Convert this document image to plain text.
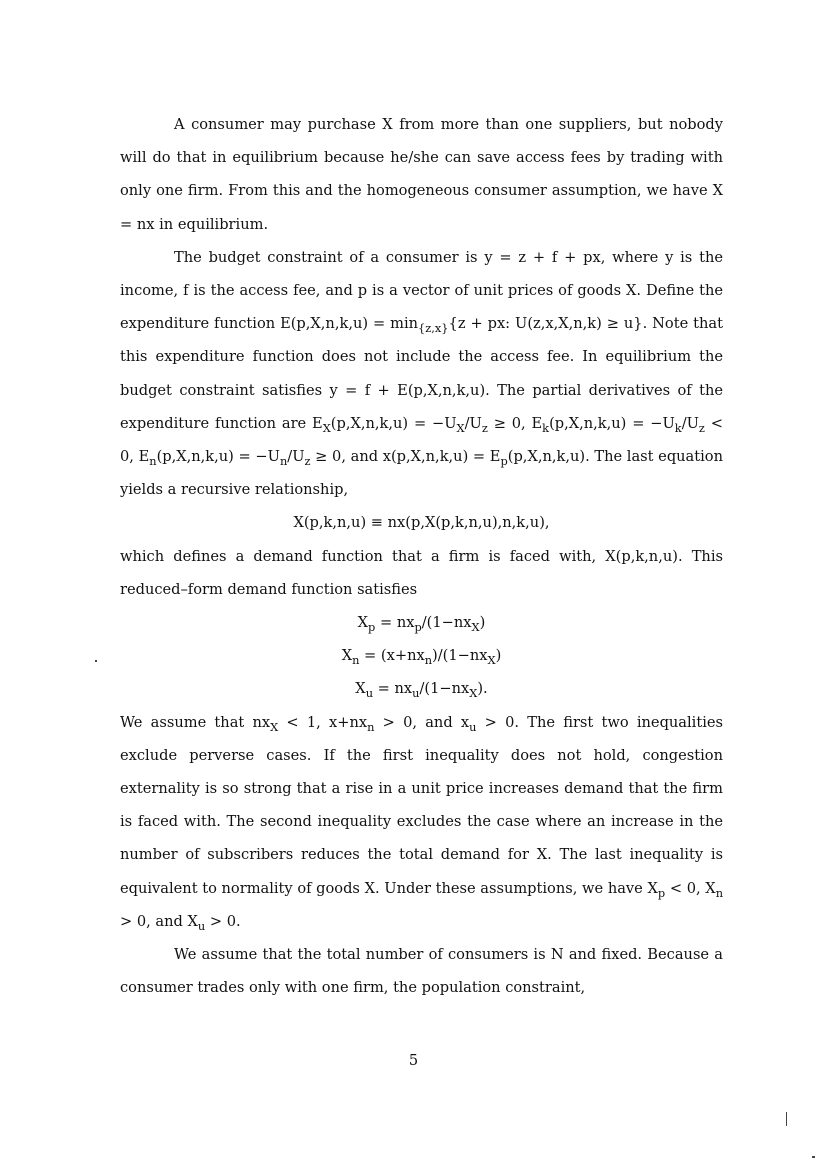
A consumer may purchase X from more than one suppliers, but nobody will do that in equilibrium because he/she can save access fees by trading with only one firm. From this and the homogeneous consumer assumption, we have X = nx in equilibrium.

The budget constraint of a consumer is y = z + f + px, where y is the income, f is the access fee, and p is a vector of unit prices of goods X. Define the expenditure function $E(p,X,n,k,u) = \min_{\{z,x\}}\{z$ + px: U(z,x,X,n,k) ≥ u}. Note that this expenditure function does not include the access fee. In equilibrium the budget constraint satisfies y = f + E(p,X,n,k,u). The partial derivatives of the expenditure function are $E_X(p,X,n,k,u) = -U_X/U_z \ge 0$, $E_k(p,X,n,k,u) = -U_k/U_z < 0$, $E_n(p,X,n,k,u) = -U_n/U_z \ge 0$, and $x(p,X,n,k,u) = E_p(p,X,n,k,u)$. The last equation yields a recursive relationship,

X(p,k,n,u) ≡ nx(p,X(p,k,n,u),n,k,u),

which defines a demand function that a firm is faced with, X(p,k,n,u). This reduced–form demand function satisfies

$X_p = nx_p/(1-nx_X)$
$X_n = (x+nx_n)/(1-nx_X)$
$X_u = nx_u/(1-nx_X)$.

We assume that $nx_X < 1$, $x+nx_n > 0$, and $x_u > 0$. The first two inequalities exclude perverse cases. If the first inequality does not hold, congestion externality is so strong that a rise in a unit price increases demand that the firm is faced with. The second inequality excludes the case where an increase in the number of subscribers reduces the total demand for X. The last inequality is equivalent to normality of goods X. Under these assumptions, we have $X_p < 0$, $X_n > 0$, and $X_u > 0$.

We assume that the total number of consumers is N and fixed. Because a consumer trades only with one firm, the population constraint,

5
